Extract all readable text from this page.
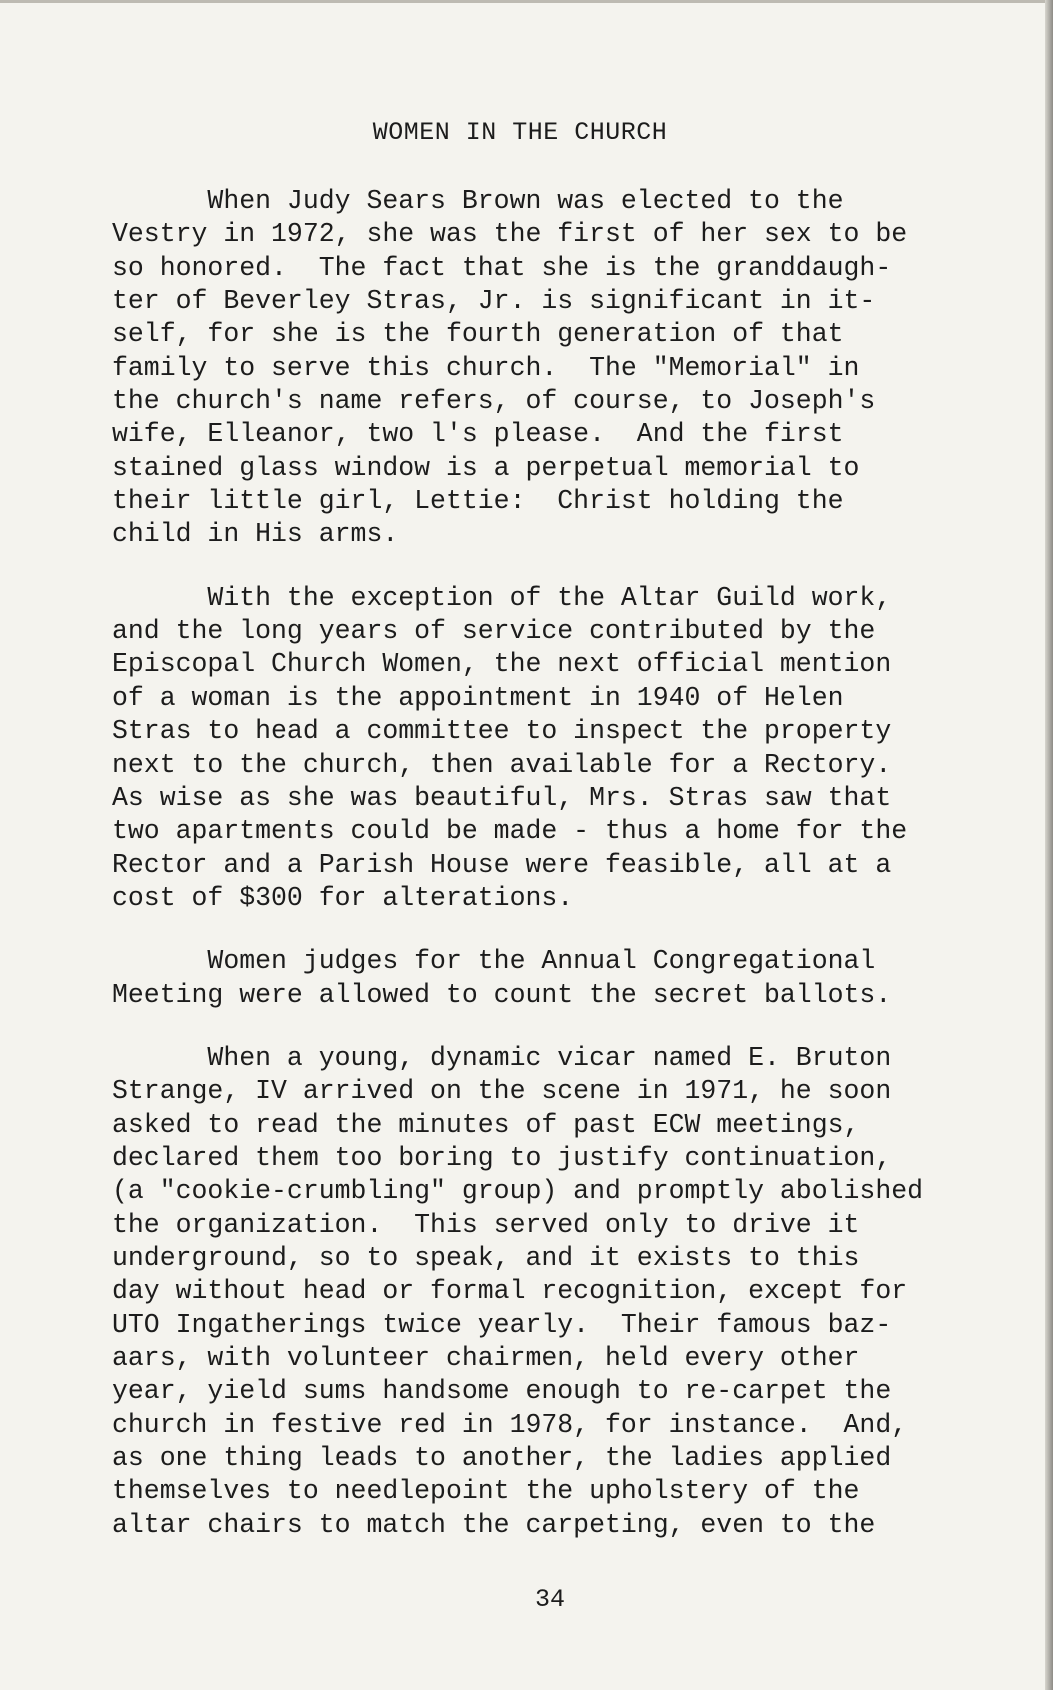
WOMEN IN THE CHURCH
When Judy Sears Brown was elected to the
Vestry in 1972, she was the first of her sex to be
so honored.  The fact that she is the granddaugh-
ter of Beverley Stras, Jr. is significant in it-
self, for she is the fourth generation of that
family to serve this church.  The "Memorial" in
the church's name refers, of course, to Joseph's
wife, Elleanor, two l's please.  And the first
stained glass window is a perpetual memorial to
their little girl, Lettie:  Christ holding the
child in His arms.
With the exception of the Altar Guild work,
and the long years of service contributed by the
Episcopal Church Women, the next official mention
of a woman is the appointment in 1940 of Helen
Stras to head a committee to inspect the property
next to the church, then available for a Rectory.
As wise as she was beautiful, Mrs. Stras saw that
two apartments could be made - thus a home for the
Rector and a Parish House were feasible, all at a
cost of $300 for alterations.
Women judges for the Annual Congregational
Meeting were allowed to count the secret ballots.
When a young, dynamic vicar named E. Bruton
Strange, IV arrived on the scene in 1971, he soon
asked to read the minutes of past ECW meetings,
declared them too boring to justify continuation,
(a "cookie-crumbling" group) and promptly abolished
the organization.  This served only to drive it
underground, so to speak, and it exists to this
day without head or formal recognition, except for
UTO Ingatherings twice yearly.  Their famous baz-
aars, with volunteer chairmen, held every other
year, yield sums handsome enough to re-carpet the
church in festive red in 1978, for instance.  And,
as one thing leads to another, the ladies applied
themselves to needlepoint the upholstery of the
altar chairs to match the carpeting, even to the
34
